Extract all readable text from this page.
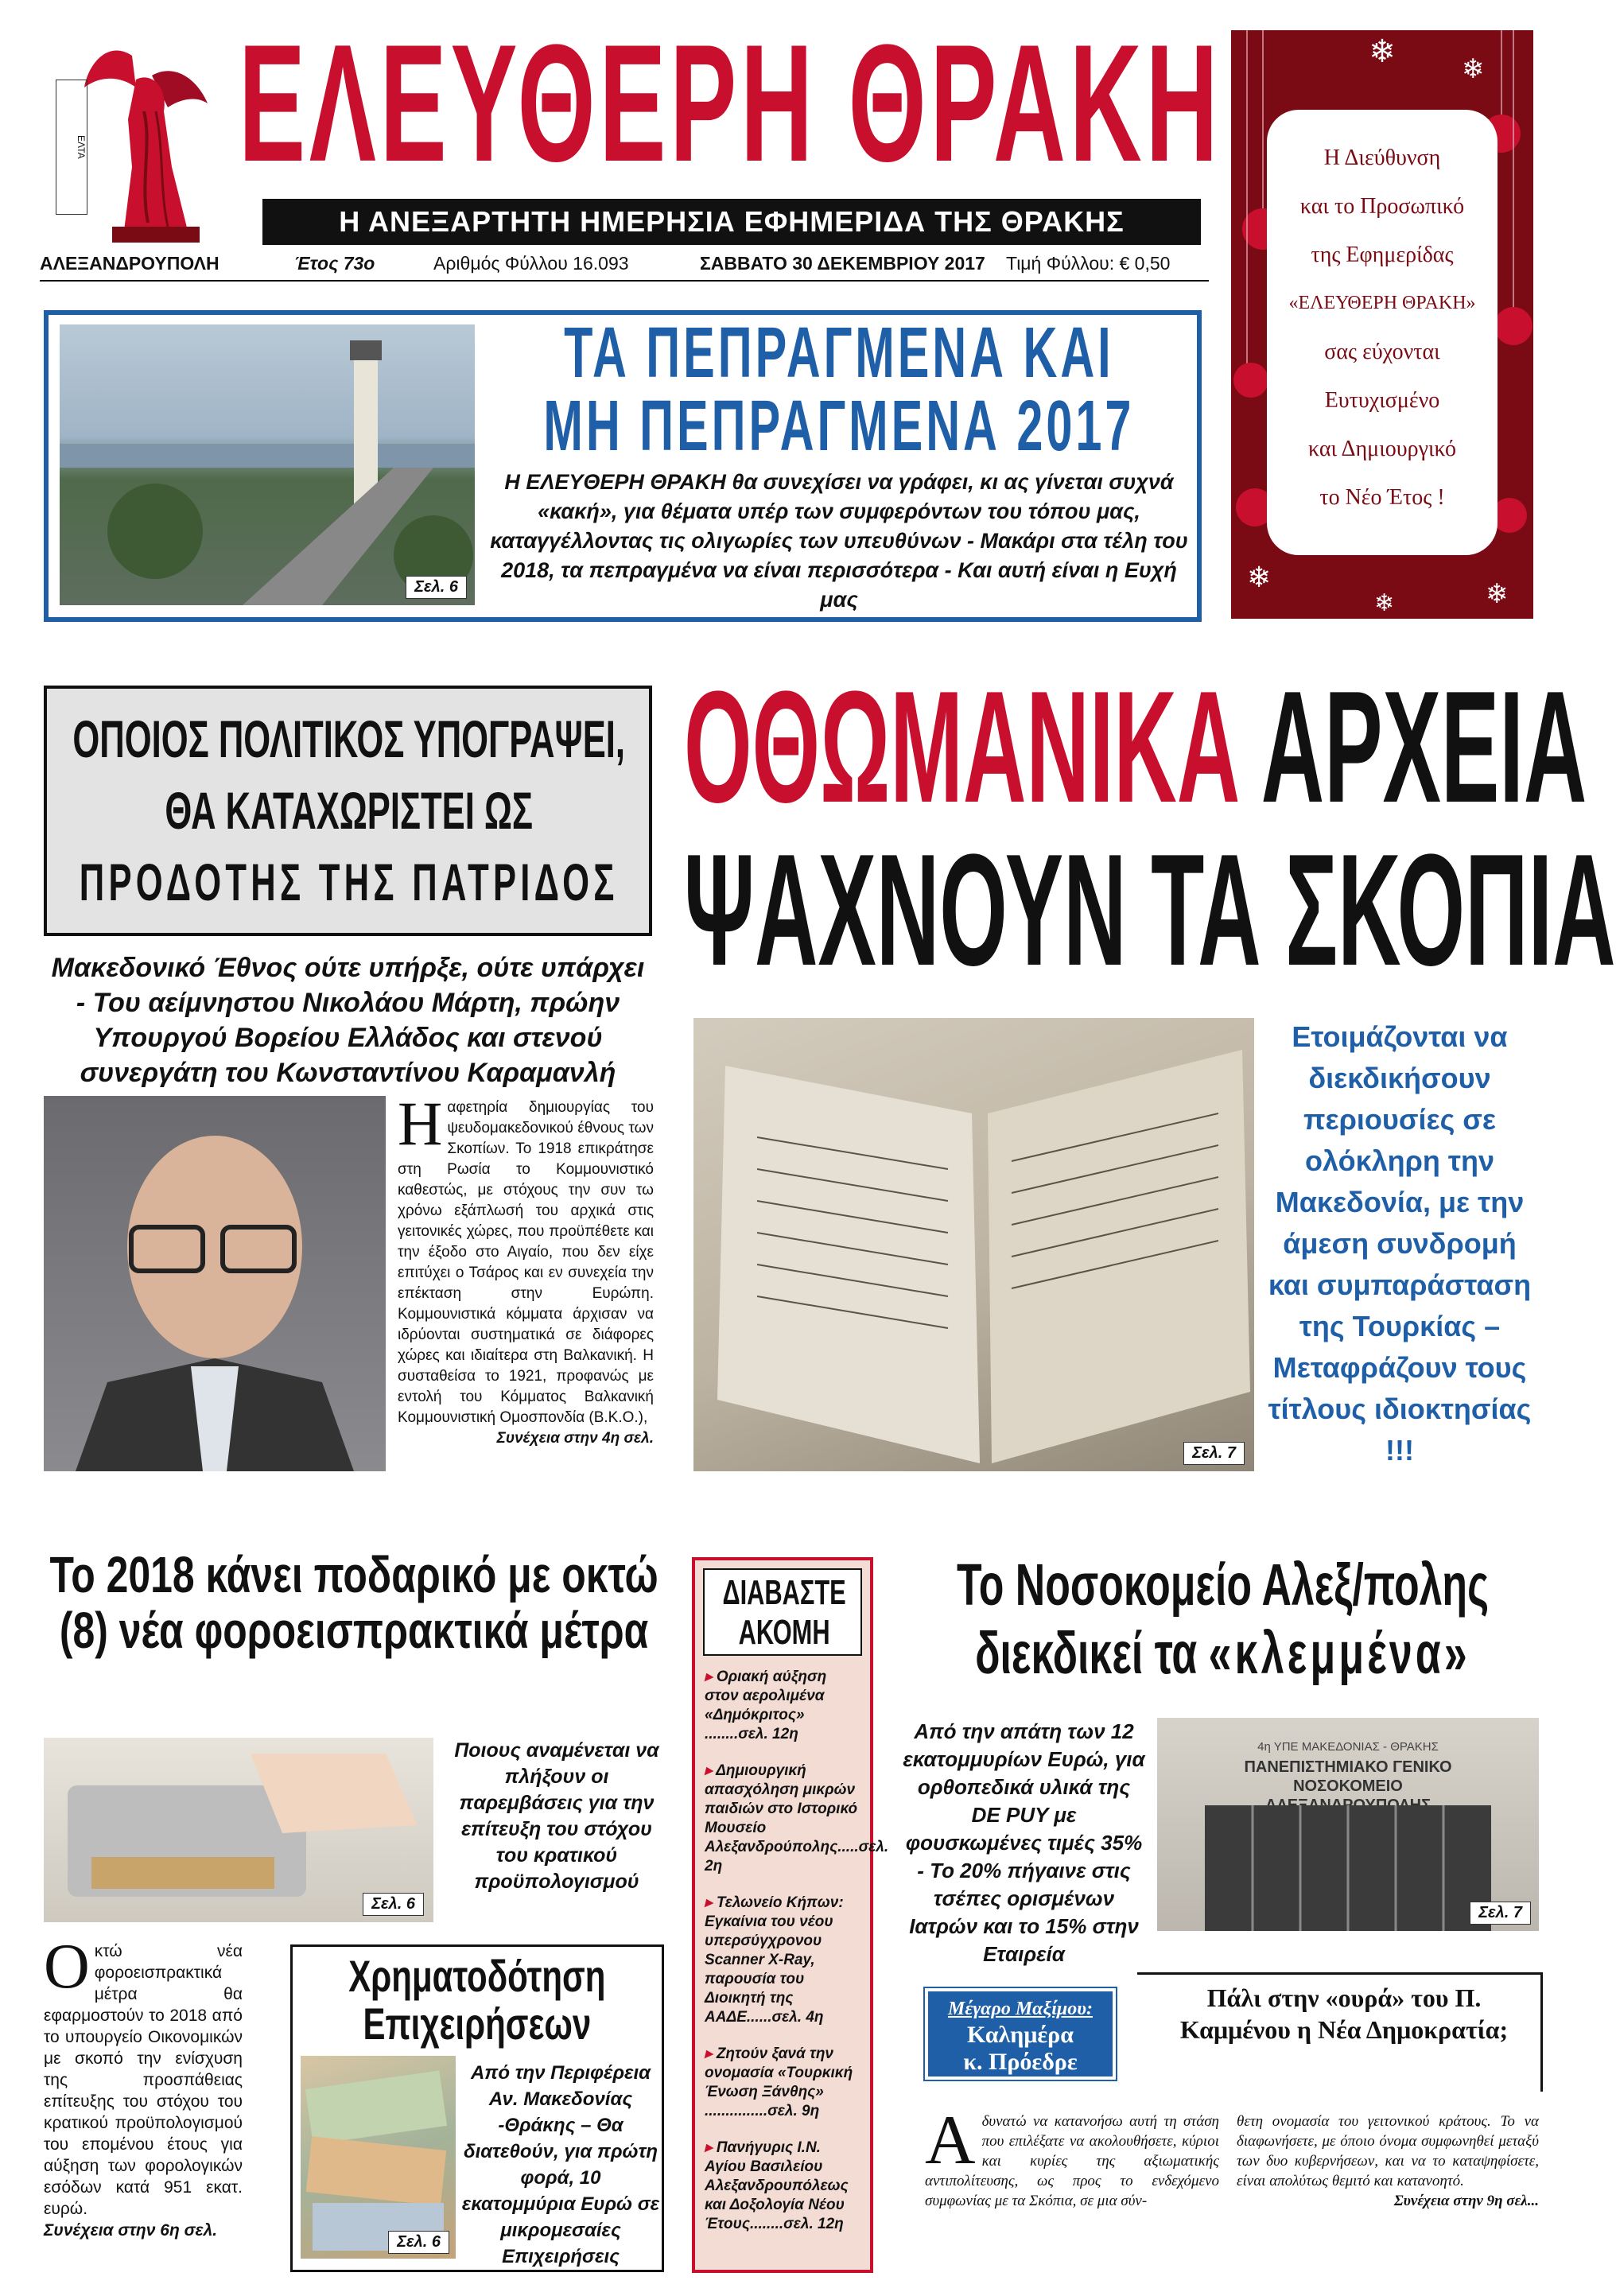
ΕΛΤΑ ΕΛΕΥΘΕΡΗ ΘΡΑΚΗ
Η ΑΝΕΞΑΡΤΗΤΗ ΗΜΕΡΗΣΙΑ ΕΦΗΜΕΡΙΔΑ ΤΗΣ ΘΡΑΚΗΣ
ΑΛΕΞΑΝΔΡΟΥΠΟΛΗ	Έτος 73ο	Αριθμός Φύλλου 16.093	ΣΑΒΒΑΤΟ 30 ΔΕΚΕΜΒΡΙΟΥ 2017 Τιμή Φύλλου: € 0,50
❄ ❄
❄
❄
❄
Η Διεύθυνση
και το Προσωπικό
της Εφημερίδας
«ΕΛΕΥΘΕΡΗ ΘΡΑΚΗ»
σας εύχονται
Ευτυχισμένο
και Δημιουργικό
το Νέο Έτος !
Σελ. 6
ΤΑ ΠΕΠΡΑΓΜΕΝΑ ΚΑΙ
ΜΗ ΠΕΠΡΑΓΜΕΝΑ 2017
Η ΕΛΕΥΘΕΡΗ ΘΡΑΚΗ θα συνεχίσει να γράφει, κι ας γίνεται συχνά «κακή», για θέματα υπέρ των συμφερόντων του τόπου μας, καταγγέλλοντας τις ολιγωρίες των υπευθύνων - Μακάρι στα τέλη του 2018, τα πεπραγμένα να είναι περισσότερα - Και αυτή είναι η Ευχή μας
ΟΠΟΙΟΣ ΠΟΛΙΤΙΚΟΣ ΥΠΟΓΡΑΨΕΙ,
ΘΑ ΚΑΤΑΧΩΡΙΣΤΕΙ ΩΣ
ΠΡΟΔΟΤΗΣ ΤΗΣ ΠΑΤΡΙΔΟΣ
Μακεδονικό Έθνος ούτε υπήρξε, ούτε υπάρχει - Του αείμνηστου Νικολάου Μάρτη, πρώην Υπουργού Βορείου Ελλάδος και στενού συνεργάτη του Κωνσταντίνου Καραμανλή
Η αφετηρία δημιουργίας του ψευδομακεδονικού έθνους των Σκοπίων. Το 1918 επικράτησε στη Ρωσία το Κομμουνιστικό καθεστώς, με στόχους την συν τω χρόνω εξάπλωσή του αρχικά στις γειτονικές χώρες, που προϋπέθετε και την έξοδο στο Αιγαίο, που δεν είχε επιτύχει ο Τσάρος και εν συνεχεία την επέκταση στην Ευρώπη. Κομμουνιστικά κόμματα άρχισαν να ιδρύονται συστηματικά σε διάφορες χώρες και ιδιαίτερα στη Βαλκανική. Η συσταθείσα το 1921, προφανώς με εντολή του Κόμματος Βαλκανική Κομμουνιστική Ομοσπονδία (Β.Κ.Ο.),
Συνέχεια στην 4η σελ.
ΟΘΩΜΑΝΙΚΑ ΑΡΧΕΙΑ
ΨΑΧΝΟΥΝ ΤΑ ΣΚΟΠΙΑ
Σελ. 7
Ετοιμάζονται να διεκδικήσουν περιουσίες σε ολόκληρη την Μακεδονία, με την άμεση συνδρομή και συμπαράσταση της Τουρκίας – Μεταφράζουν τους τίτλους ιδιοκτησίας !!!
Το 2018 κάνει ποδαρικό με οκτώ (8) νέα φοροεισπρακτικά μέτρα
Σελ. 6
Ποιους αναμένεται να πλήξουν οι παρεμβάσεις για την επίτευξη του στόχου του κρατικού προϋπολογισμού
Ο κτώ νέα φοροεισπρακτικά μέτρα θα εφαρμοστούν το 2018 από το υπουργείο Οικονομικών με σκοπό την ενίσχυση της προσπάθειας επίτευξης του στόχου του κρατικού προϋπολογισμού του επομένου έτους για αύξηση των φορολογικών εσόδων κατά 951 εκατ. ευρώ.
Συνέχεια στην 6η σελ.
Χρηματοδότηση Επιχειρήσεων
Σελ. 6
Από την Περιφέρεια Αν. Μακεδονίας -Θράκης – Θα διατεθούν, για πρώτη φορά, 10 εκατομμύρια Ευρώ σε μικρομεσαίες Επιχειρήσεις
ΔΙΑΒΑΣΤΕ ΑΚΟΜΗ
▸ Οριακή αύξηση στον αερολιμένα «Δημόκριτος» ........σελ. 12η
▸ Δημιουργική απασχόληση μικρών παιδιών στο Ιστορικό Μουσείο Αλεξανδρούπολης.....σελ. 2η
▸ Τελωνείο Κήπων: Εγκαίνια του νέου υπερσύγχρονου Scanner X-Ray, παρουσία του Διοικητή της ΑΑΔΕ......σελ. 4η
▸ Ζητούν ξανά την ονομασία «Τουρκική Ένωση Ξάνθης» ...............σελ. 9η
▸ Πανήγυρις Ι.Ν. Αγίου Βασιλείου Αλεξανδρουπόλεως και Δοξολογία Νέου Έτους........σελ. 12η
Το Νοσοκομείο Αλεξ/πολης
διεκδικεί τα «κλεμμένα»
Από την απάτη των 12 εκατομμυρίων Ευρώ, για ορθοπεδικά υλικά της DE PUY με φουσκωμένες τιμές 35% - Το 20% πήγαινε στις τσέπες ορισμένων Ιατρών και το 15% στην Εταιρεία
4η ΥΠΕ ΜΑΚΕΔΟΝΙΑΣ - ΘΡΑΚΗΣ
ΠΑΝΕΠΙΣΤΗΜΙΑΚΟ ΓΕΝΙΚΟ ΝΟΣΟΚΟΜΕΙΟ
Σελ. 7
Μέγαρο Μαξίμου:
Καλημέρα
κ. Πρόεδρε
Πάλι στην «ουρά» του Π. Καμμένου η Νέα Δημοκρατία;
Α δυνατώ να κατανοήσω αυτή τη στάση που επιλέξατε να ακολουθήσετε, κύριοι και κυρίες της αξιωματικής αντιπολίτευσης, ως προς το ενδεχόμενο συμφωνίας με τα Σκόπια, σε μια σύν-
θετη ονομασία του γειτονικού κράτους. Το να διαφωνήσετε, με όποιο όνομα συμφωνηθεί μεταξύ των δυο κυβερνήσεων, και να το καταψηφίσετε, είναι απολύτως θεμιτό και κατανοητό.
Συνέχεια στην 9η σελ...
